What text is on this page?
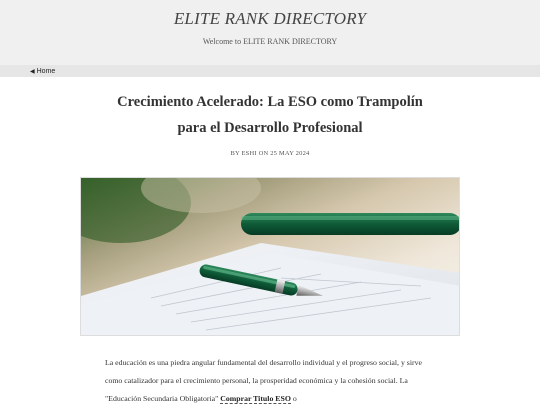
ELITE RANK DIRECTORY
Welcome to ELITE RANK DIRECTORY
◀ Home
Crecimiento Acelerado: La ESO como Trampolín para el Desarrollo Profesional
BY ESHI ON 25 MAY 2024

La educación es una piedra angular fundamental del desarrollo individual y el progreso social, y sirve como catalizador para el crecimiento personal, la prosperidad económica y la cohesión social. La "Educación Secundaria Obligatoria" Comprar Titulo ESO o
